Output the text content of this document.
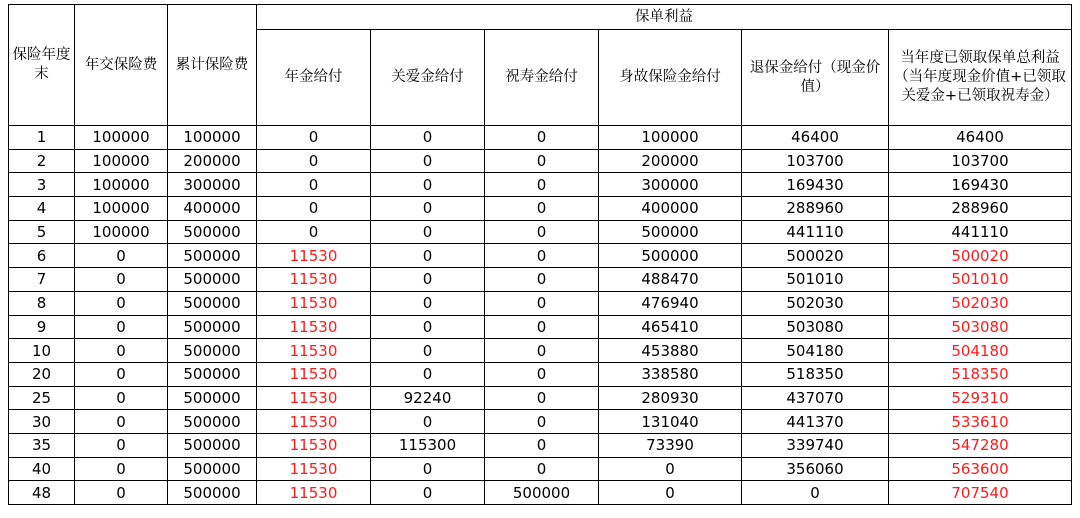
保险年度末	年交保险费	累计保险费	保单利益					
			年金给付	关爱金给付	祝寿金给付	身故保险金给付	退保金给付（现金价值）	当年度已领取保单总利益（当年度现金价值+已领取关爱金+已领取祝寿金）
1	100000	100000	0	0	0	100000	46400	46400
2	100000	200000	0	0	0	200000	103700	103700
3	100000	300000	0	0	0	300000	169430	169430
4	100000	400000	0	0	0	400000	288960	288960
5	100000	500000	0	0	0	500000	441110	441110
6	0	500000	11530	0	0	500000	500020	500020
7	0	500000	11530	0	0	488470	501010	501010
8	0	500000	11530	0	0	476940	502030	502030
9	0	500000	11530	0	0	465410	503080	503080
10	0	500000	11530	0	0	453880	504180	504180
20	0	500000	11530	0	0	338580	518350	518350
25	0	500000	11530	92240	0	280930	437070	529310
30	0	500000	11530	0	0	131040	441370	533610
35	0	500000	11530	115300	0	73390	339740	547280
40	0	500000	11530	0	0	0	356060	563600
48	0	500000	11530	0	500000	0	0	707540
